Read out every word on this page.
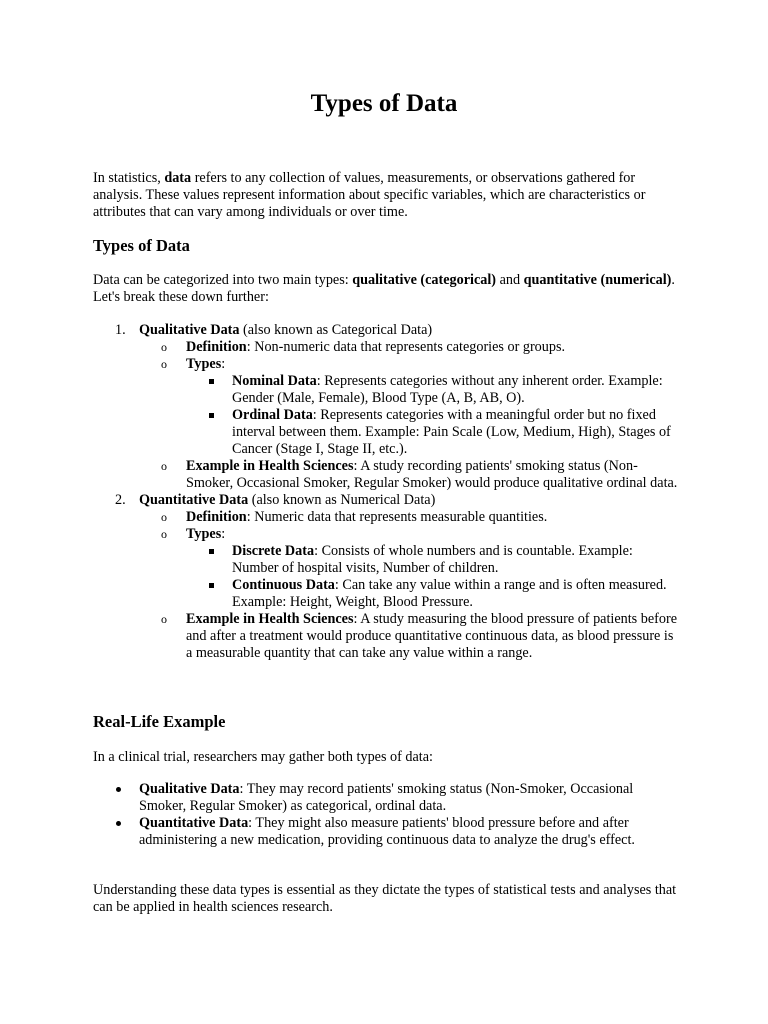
Types of Data

In statistics, data refers to any collection of values, measurements, or observations gathered for analysis. These values represent information about specific variables, which are characteristics or attributes that can vary among individuals or over time.

Types of Data

Data can be categorized into two main types: qualitative (categorical) and quantitative (numerical). Let's break these down further:

1. Qualitative Data (also known as Categorical Data)
o Definition: Non-numeric data that represents categories or groups.
o Types:
Nominal Data: Represents categories without any inherent order. Example: Gender (Male, Female), Blood Type (A, B, AB, O).
Ordinal Data: Represents categories with a meaningful order but no fixed interval between them. Example: Pain Scale (Low, Medium, High), Stages of Cancer (Stage I, Stage II, etc.).
o Example in Health Sciences: A study recording patients' smoking status (Non-Smoker, Occasional Smoker, Regular Smoker) would produce qualitative ordinal data.
2. Quantitative Data (also known as Numerical Data)
o Definition: Numeric data that represents measurable quantities.
o Types:
Discrete Data: Consists of whole numbers and is countable. Example: Number of hospital visits, Number of children.
Continuous Data: Can take any value within a range and is often measured. Example: Height, Weight, Blood Pressure.
o Example in Health Sciences: A study measuring the blood pressure of patients before and after a treatment would produce quantitative continuous data, as blood pressure is a measurable quantity that can take any value within a range.
Real-Life Example

In a clinical trial, researchers may gather both types of data:

Qualitative Data: They may record patients' smoking status (Non-Smoker, Occasional Smoker, Regular Smoker) as categorical, ordinal data.
Quantitative Data: They might also measure patients' blood pressure before and after administering a new medication, providing continuous data to analyze the drug's effect.

Understanding these data types is essential as they dictate the types of statistical tests and analyses that can be applied in health sciences research.
